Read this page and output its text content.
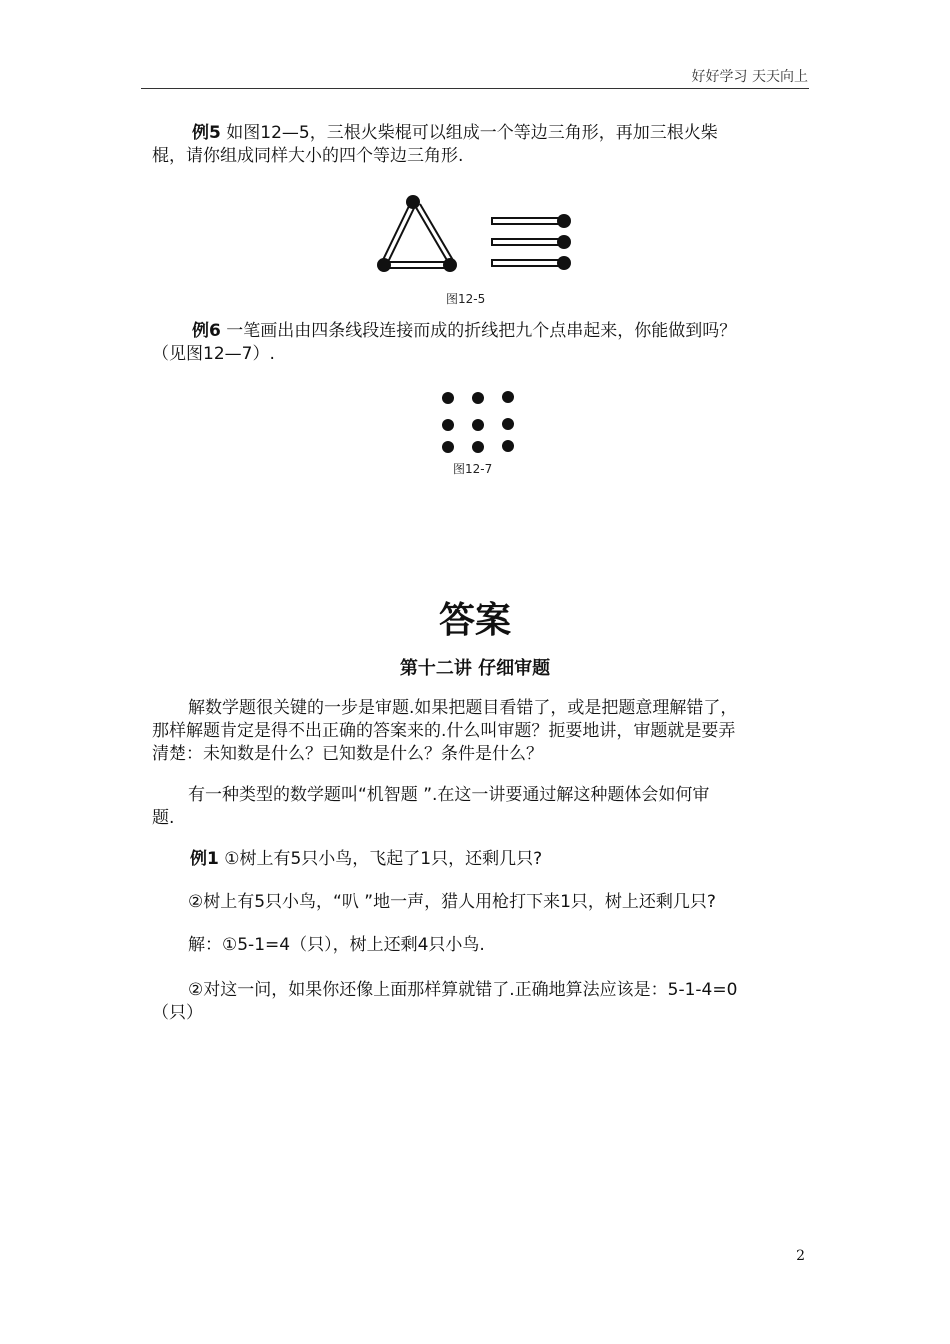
好好学习 天天向上
例5 如图12—5，三根火柴棍可以组成一个等边三角形，再加三根火柴
棍，请你组成同样大小的四个等边三角形.
图12-5
例6 一笔画出由四条线段连接而成的折线把九个点串起来，你能做到吗？
（见图12—7）.
图12-7
答案
第十二讲 仔细审题
解数学题很关键的一步是审题.如果把题目看错了，或是把题意理解错了，
那样解题肯定是得不出正确的答案来的.什么叫审题？扼要地讲，审题就是要弄
清楚：未知数是什么？已知数是什么？条件是什么？
有一种类型的数学题叫“机智题 ”.在这一讲要通过解这种题体会如何审
题.
例1 ①树上有5只小鸟，飞起了1只，还剩几只?
②树上有5只小鸟，“叭 ”地一声，猎人用枪打下来1只，树上还剩几只?
解：①5-1=4（只），树上还剩4只小鸟.
②对这一问，如果你还像上面那样算就错了.正确地算法应该是：5-1-4=0
（只）
2
